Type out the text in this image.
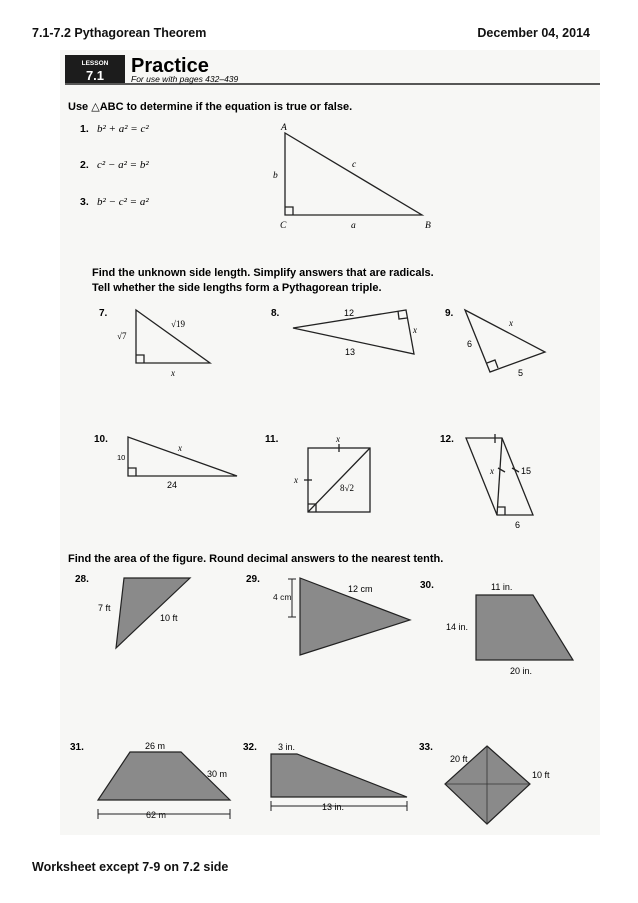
7.1-7.2 Pythagorean Theorem	December 04, 2014
LESSON
7.1 Practice
For use with pages 432–439
Use △ABC to determine if the equation is true or false.
1. b² + a² = c²
2. c² − a² = b²
3. b² − c² = a²
A
B
C	a
b
c
Find the unknown side length. Simplify answers that are radicals.
Tell whether the side lengths form a Pythagorean triple.
7.
√7
√19
x
8.	12
x
13
9.
6
x
5
10.
10
x
24
11.	x
x
8√2
12.
x	15
6
Find the area of the figure. Round decimal answers to the nearest tenth.
28.
7 ft
10 ft
29.
4 cm
12 cm	30.	11 in.
14 in.
20 in.
31.	26 m
30 m
62 m
32. 3 in.
13 in.
33.
20 ft
10 ft
Worksheet except 7-9 on 7.2 side
